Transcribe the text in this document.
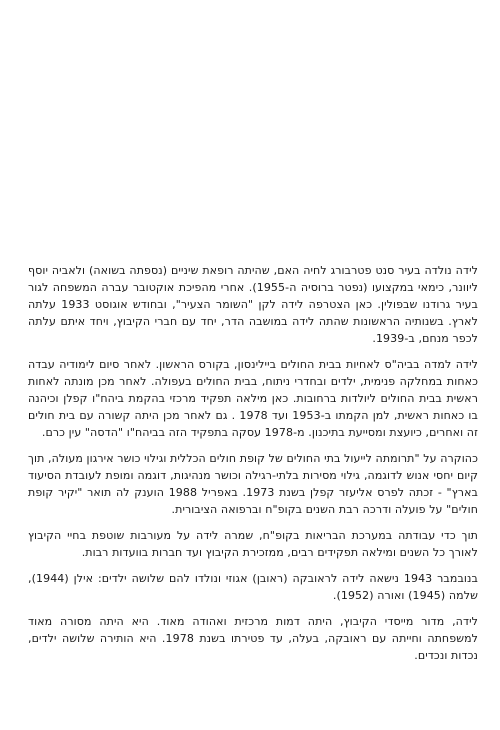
לידה נולדה בעיר סנט פטרבורג לחיה האם, שהיתה רופאת שיניים (נספתה בשואה) ולאביה יוסף ליוונר, כימאי במקצועו (נפטר ברוסיה ה-1955). אחרי מהפיכת אוקטובר עברה המשפחה לגור בעיר גרודנו שבפולין. כאן הצטרפה לידה לקן "השומר הצעיר", ובחודש אוגוסט 1933 עלתה לארץ. בשנותיה הראשונות שהתה לידה במושבה הדר, יחד עם חברי הקיבוץ, ויחד איתם עלתה לכפר מנחם, ב-1939.

לידה למדה בביה"ס לאחיות בבית החולים ביילינסון, בקורס הראשון. לאחר סיום לימודיה עבדה כאחות במחלקה פנימית, ילדים ובחדרי ניתוח, בבית החולים בעפולה. לאחר מכן מונתה לאחות ראשית בבית החולים ליולדות ברחובות. כאן מילאה תפקיד מרכזי בהקמת ביהח"ו קפלן וכיהנה בו כאחות ראשית, למן הקמתו ב-1953 ועד 1978 . גם לאחר מכן היתה קשורה עם בית חולים זה ואחרים, כיועצת ומסייעת בתיכנון. מ-1978 עסקה בתפקיד הזה בביהח"ו "הדסה" עין כרם.

כהוקרה על "תרומתה לייעול בתי החולים של קופת חולים הכללית וגילוי כושר אירגון מעולה, תוך קיום יחסי אנוש לדוגמה, גילוי מסירות בלתי-רגילה וכושר מנהיגות, דוגמה ומופת לעובדת הסיעוד בארץ" - זכתה לפרס אליעזר קפלן בשנת 1973. באפריל 1988 הוענק לה תואר "יקיר קופת חולים" על פועלה ודרכה רבת השנים בקופ"ח וברפואה הציבורית.

תוך כדי עבודתה במערכת הבריאות בקופ"ח, שמרה לידה על מעורבות שוטפת בחיי הקיבוץ לאורך כל השנים ומילאה תפקידים רבים, ממזכירת הקיבוץ ועד חברות בוועדות רבות.

בנובמבר 1943 נישאה לידה לראובקה (ראובן) אגוזי ונולדו להם שלושה ילדים: אילן (1944), שלמה (1945) ואורה (1952).

לידה, מדור מייסדי הקיבוץ, היתה דמות מרכזית ואהודה מאוד. היא היתה מסורה מאוד למשפחתה וחייתה עם ראובקה, בעלה, עד פטירתו בשנת 1978. היא הותירה שלושה ילדים, נכדות ונכדים.
